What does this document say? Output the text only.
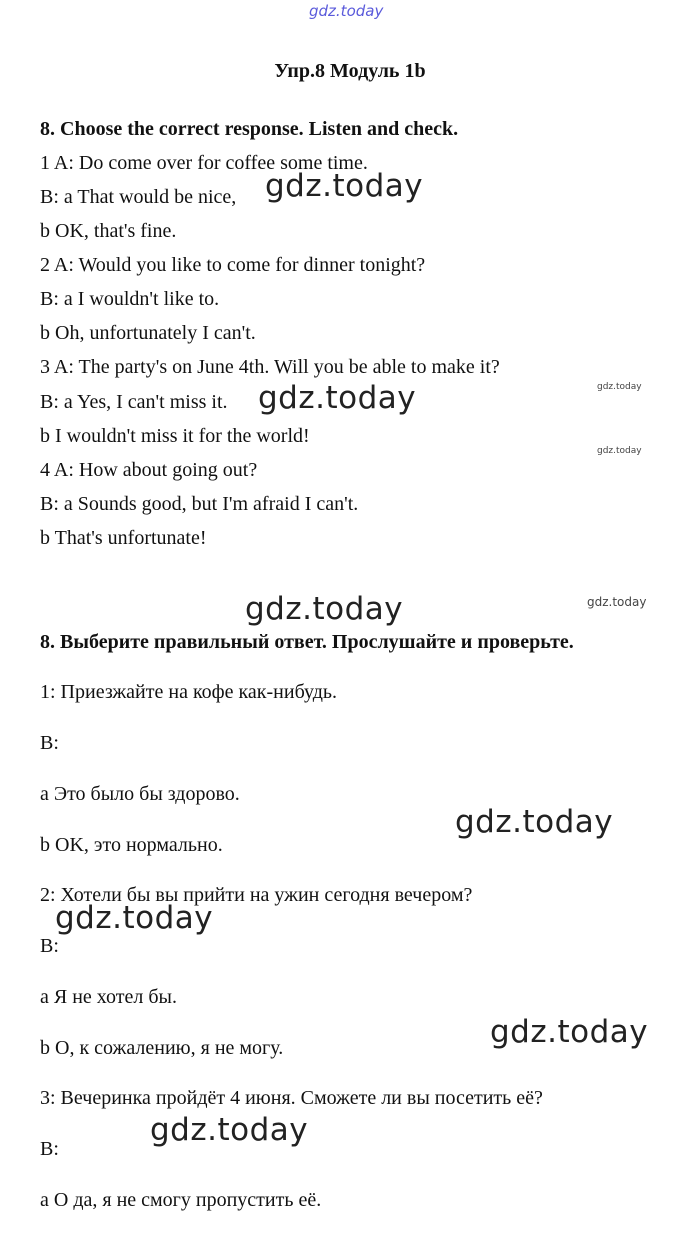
gdz.today
Упр.8 Модуль 1b
8. Choose the correct response. Listen and check.
1 A: Do come over for coffee some time.
B: a That would be nice,
b OK, that's fine.
2 A: Would you like to come for dinner tonight?
B: a I wouldn't like to.
b Oh, unfortunately I can't.
3 A: The party's on June 4th. Will you be able to make it?
B: a Yes, I can't miss it.
b I wouldn't miss it for the world!
4 A: How about going out?
B: a Sounds good, but I'm afraid I can't.
b That's unfortunate!
8. Выберите правильный ответ. Прослушайте и проверьте.
1: Приезжайте на кофе как-нибудь.
B:
a Это было бы здорово.
b OK, это нормально.
2: Хотели бы вы прийти на ужин сегодня вечером?
B:
a Я не хотел бы.
b О, к сожалению, я не могу.
3: Вечеринка пройдёт 4 июня. Сможете ли вы посетить её?
B:
a О да, я не смогу пропустить её.
gdz.today
gdz.today
gdz.today
gdz.today
gdz.today
gdz.today
gdz.today
gdz.today
gdz.today
gdz.today
